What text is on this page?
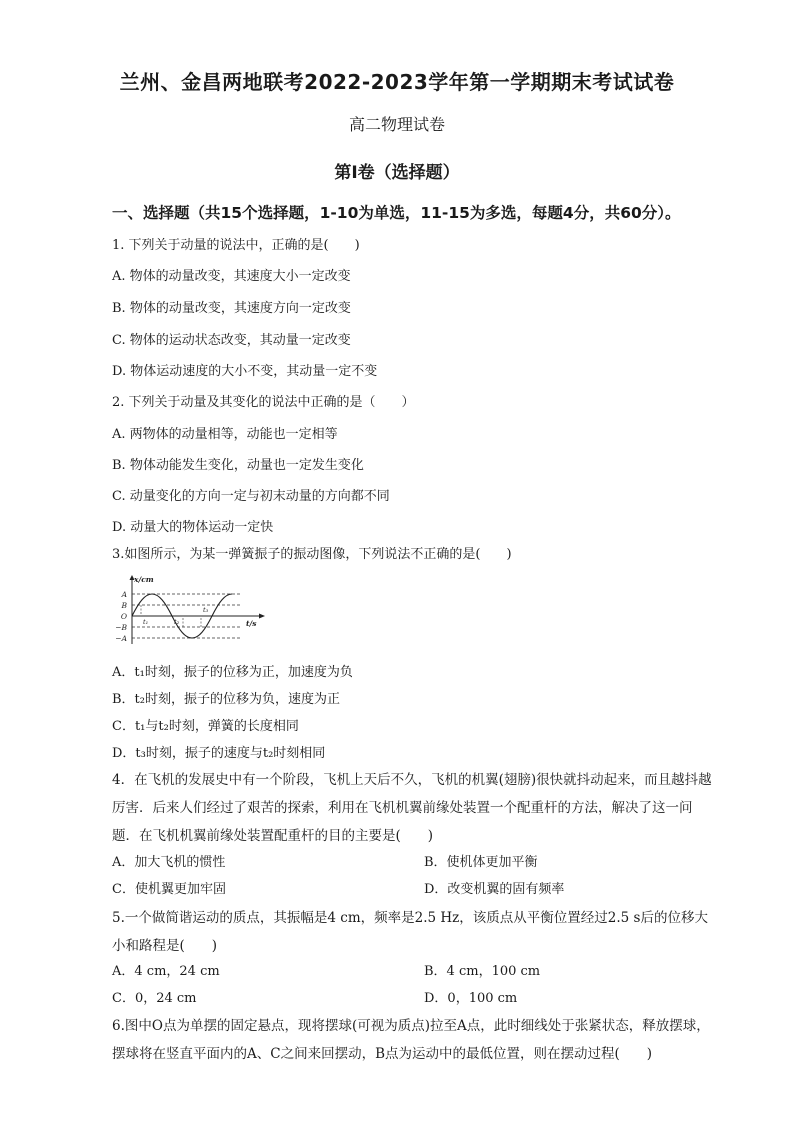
兰州、金昌两地联考2022-2023学年第一学期期末考试试卷
高二物理试卷
第Ⅰ卷（选择题）
一、选择题（共15个选择题，1-10为单选，11-15为多选，每题4分，共60分）。
1. 下列关于动量的说法中，正确的是(　　)
A. 物体的动量改变，其速度大小一定改变
B. 物体的动量改变，其速度方向一定改变
C. 物体的运动状态改变，其动量一定改变
D. 物体运动速度的大小不变，其动量一定不变
2. 下列关于动量及其变化的说法中正确的是（　　）
A. 两物体的动量相等，动能也一定相等
B. 物体动能发生变化，动量也一定发生变化
C. 动量变化的方向一定与初末动量的方向都不同
D. 动量大的物体运动一定快
3.如图所示，为某一弹簧振子的振动图像，下列说法不正确的是(　　)
x/cm
t/s
A
B
O
−B
−A
t₁	t₂
t₃
A．t₁时刻，振子的位移为正，加速度为负
B．t₂时刻，振子的位移为负，速度为正
C．t₁与t₂时刻，弹簧的长度相同
D．t₃时刻，振子的速度与t₂时刻相同
4．在飞机的发展史中有一个阶段，飞机上天后不久，飞机的机翼(翅膀)很快就抖动起来，而且越抖越厉害．后来人们经过了艰苦的探索，利用在飞机机翼前缘处装置一个配重杆的方法，解决了这一问题．在飞机机翼前缘处装置配重杆的目的主要是(　　)
A．加大飞机的惯性	B．使机体更加平衡
C．使机翼更加牢固	D．改变机翼的固有频率
5.一个做简谐运动的质点，其振幅是4 cm，频率是2.5 Hz，该质点从平衡位置经过2.5 s后的位移大小和路程是(　　)
A．4 cm，24 cm	B．4 cm，100 cm
C．0，24 cm	D．0，100 cm
6.图中O点为单摆的固定悬点，现将摆球(可视为质点)拉至A点，此时细线处于张紧状态，释放摆球，摆球将在竖直平面内的A、C之间来回摆动，B点为运动中的最低位置，则在摆动过程(　　)
